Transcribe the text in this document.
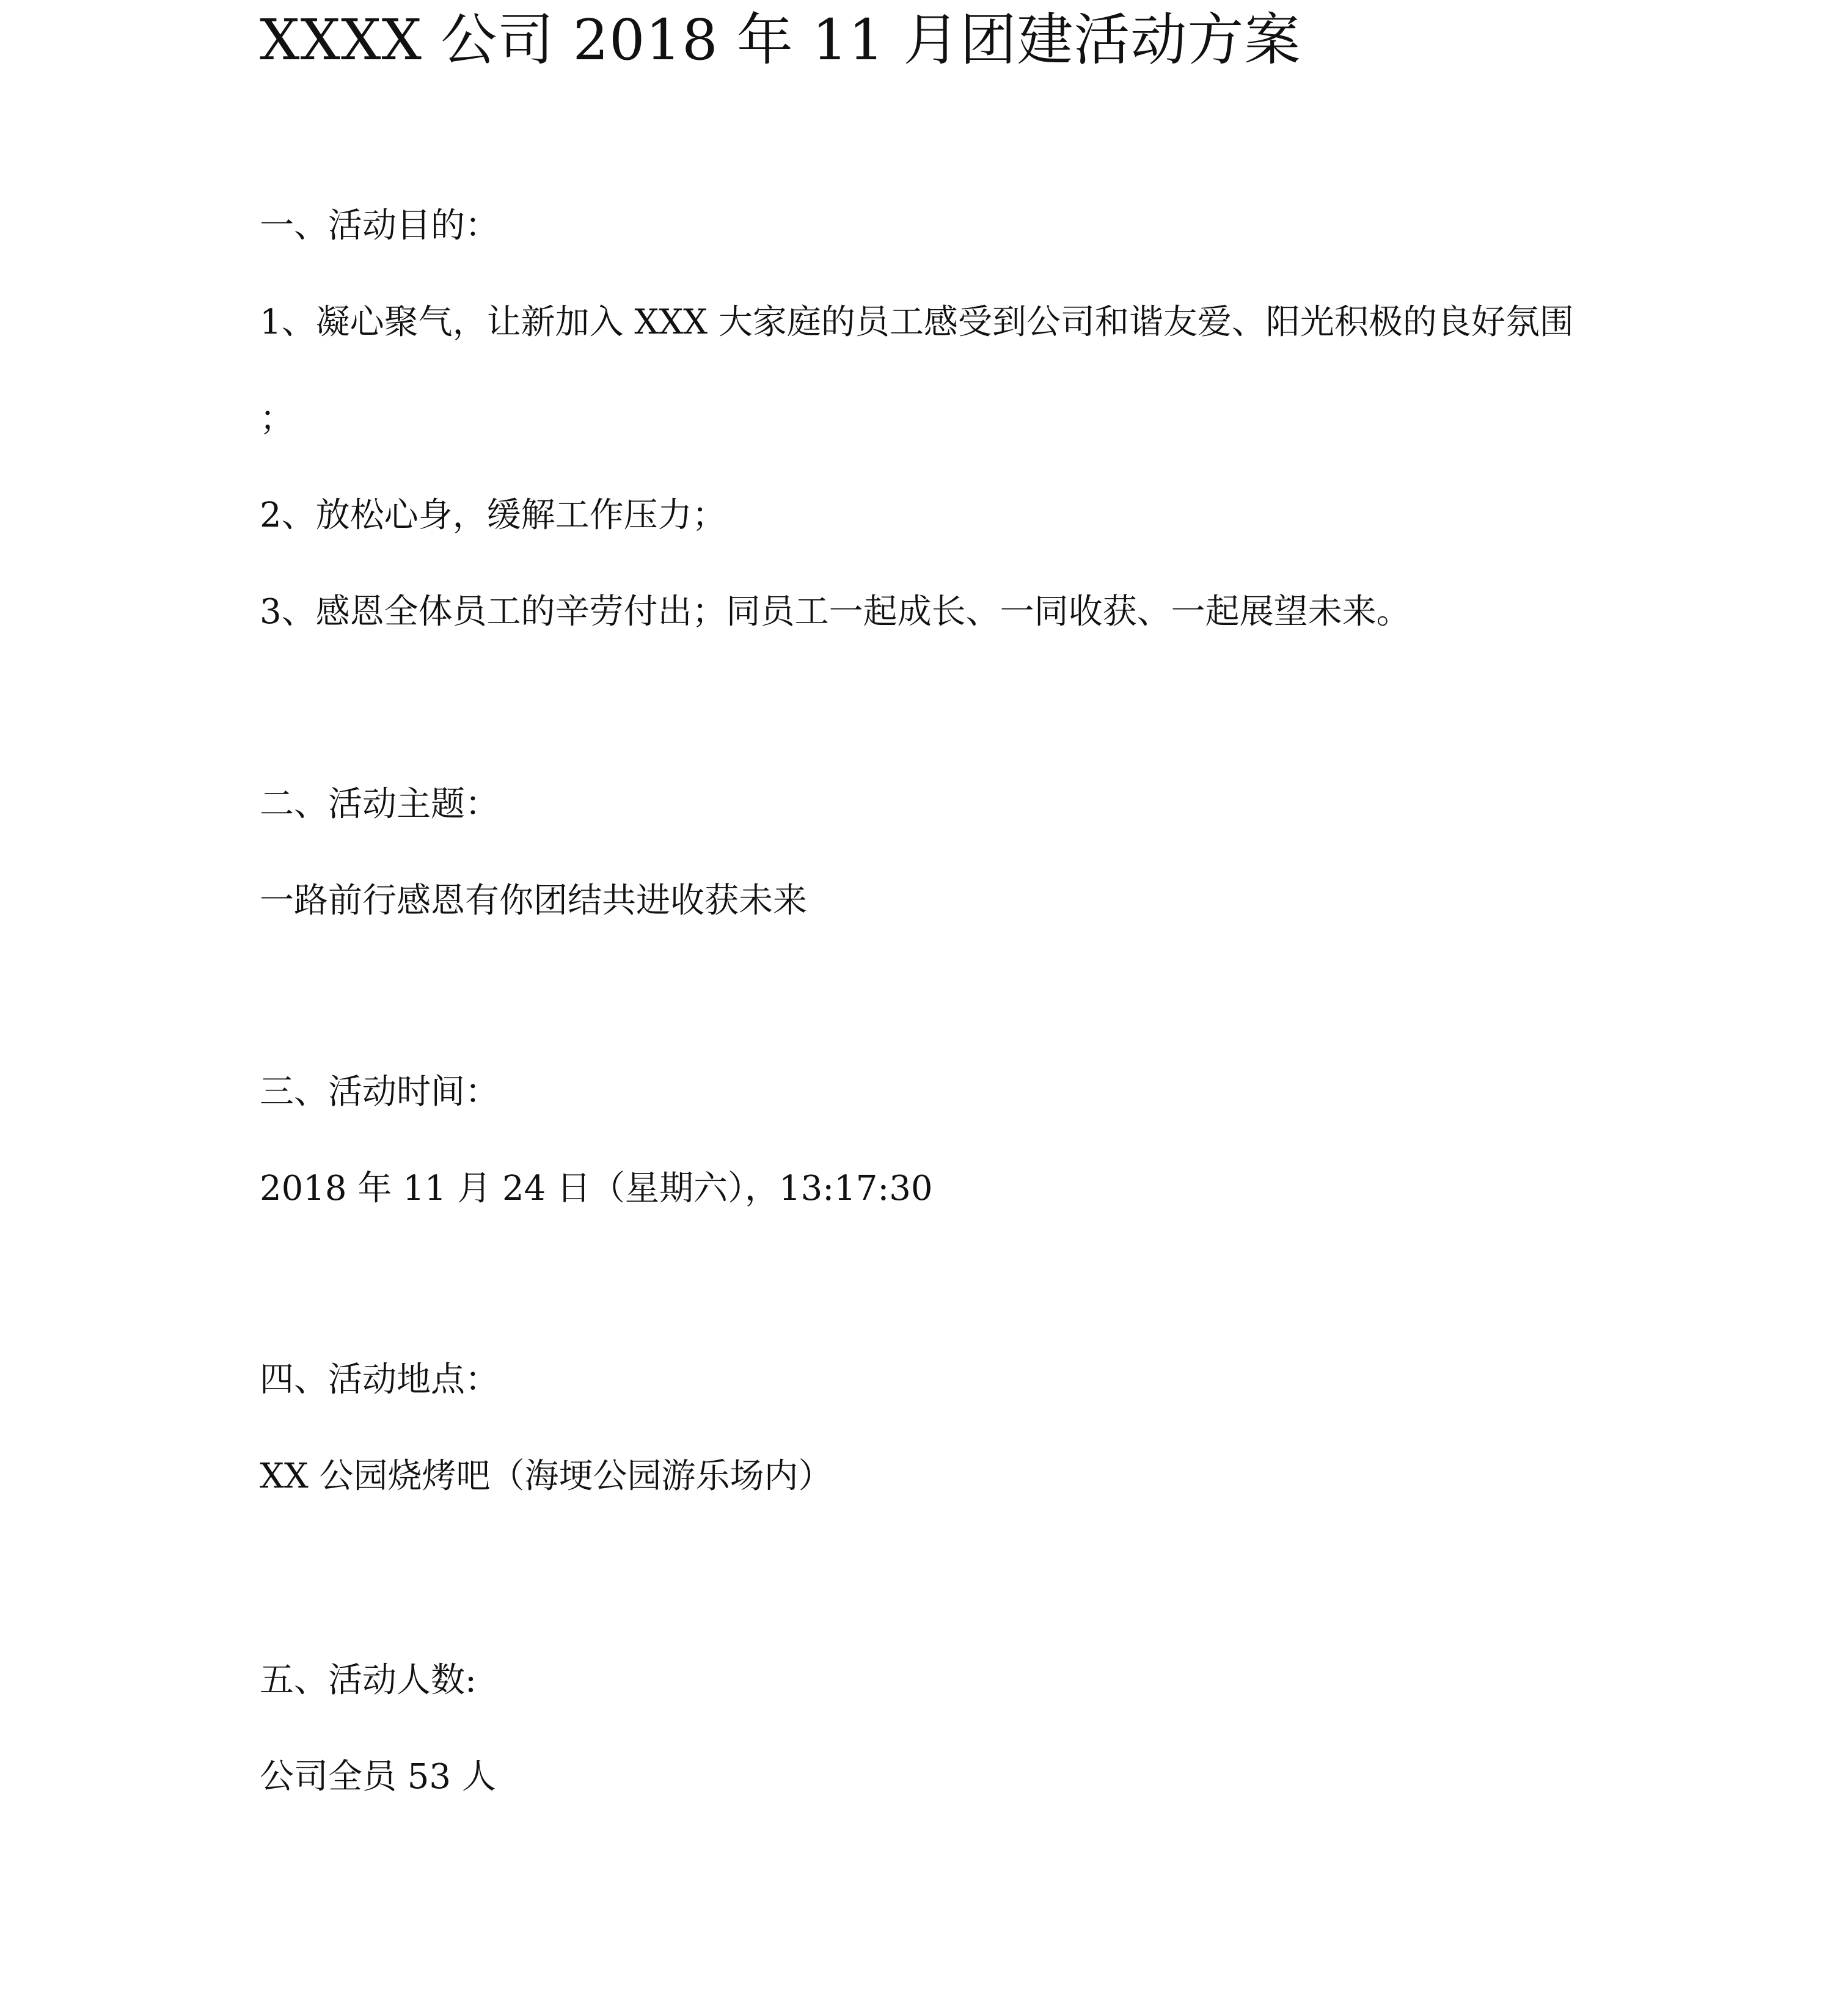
XXXX 公司 2018 年 11 月团建活动方案
一、活动目的：
1、凝心聚气，让新加入 XXX 大家庭的员工感受到公司和谐友爱、阳光积极的良好氛围
；
2、放松心身，缓解工作压力；
3、感恩全体员工的辛劳付出；同员工一起成长、一同收获、一起展望未来。
二、活动主题：
一路前行感恩有你团结共进收获未来
三、活动时间：
2018 年 11 月 24 日（星期六），13:17:30
四、活动地点：
XX 公园烧烤吧（海埂公园游乐场内）
五、活动人数:
公司全员 53 人
